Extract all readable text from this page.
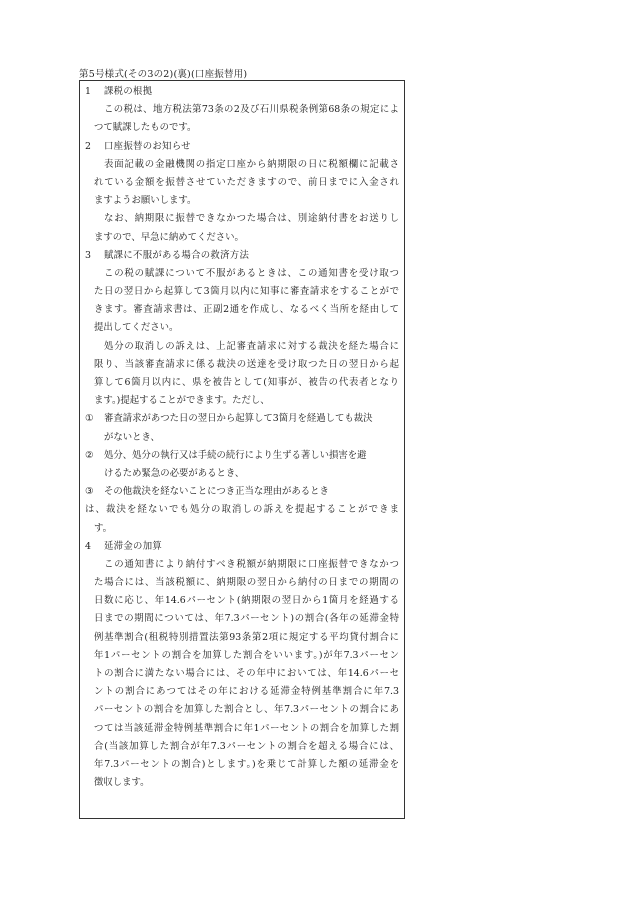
第5号様式(その3の2)(裏)(口座振替用)
1 課税の根拠
この税は、地方税法第73条の2及び石川県税条例第68条の規定によ
つて賦課したものです。
2 口座振替のお知らせ
表面記載の金融機関の指定口座から納期限の日に税額欄に記載さ
れている金額を振替させていただきますので、前日までに入金され
ますようお願いします。
なお、納期限に振替できなかつた場合は、別途納付書をお送りし
ますので、早急に納めてください。
3 賦課に不服がある場合の救済方法
この税の賦課について不服があるときは、この通知書を受け取つ
た日の翌日から起算して3箇月以内に知事に審査請求をすることがで
きます。審査請求書は、正副2通を作成し、なるべく当所を経由して
提出してください。
処分の取消しの訴えは、上記審査請求に対する裁決を経た場合に
限り、当該審査請求に係る裁決の送達を受け取つた日の翌日から起
算して6箇月以内に、県を被告として(知事が、被告の代表者となり
ます。)提起することができます。ただし、
① 審査請求があつた日の翌日から起算して3箇月を経過しても裁決
がないとき、
② 処分、処分の執行又は手続の続行により生ずる著しい損害を避
けるため緊急の必要があるとき、
③ その他裁決を経ないことにつき正当な理由があるとき
は、裁決を経ないでも処分の取消しの訴えを提起することができま
す。
4 延滞金の加算
この通知書により納付すべき税額が納期限に口座振替できなかつ
た場合には、当該税額に、納期限の翌日から納付の日までの期間の
日数に応じ、年14.6パーセント(納期限の翌日から1箇月を経過する
日までの期間については、年7.3パーセント)の割合(各年の延滞金特
例基準割合(租税特別措置法第93条第2項に規定する平均貸付割合に
年1パーセントの割合を加算した割合をいいます。)が年7.3パーセン
トの割合に満たない場合には、その年中においては、年14.6パーセ
ントの割合にあつてはその年における延滞金特例基準割合に年7.3
パーセントの割合を加算した割合とし、年7.3パーセントの割合にあ
つては当該延滞金特例基準割合に年1パーセントの割合を加算した割
合(当該加算した割合が年7.3パーセントの割合を超える場合には、
年7.3パーセントの割合)とします。)を乗じて計算した額の延滞金を
徴収します。
